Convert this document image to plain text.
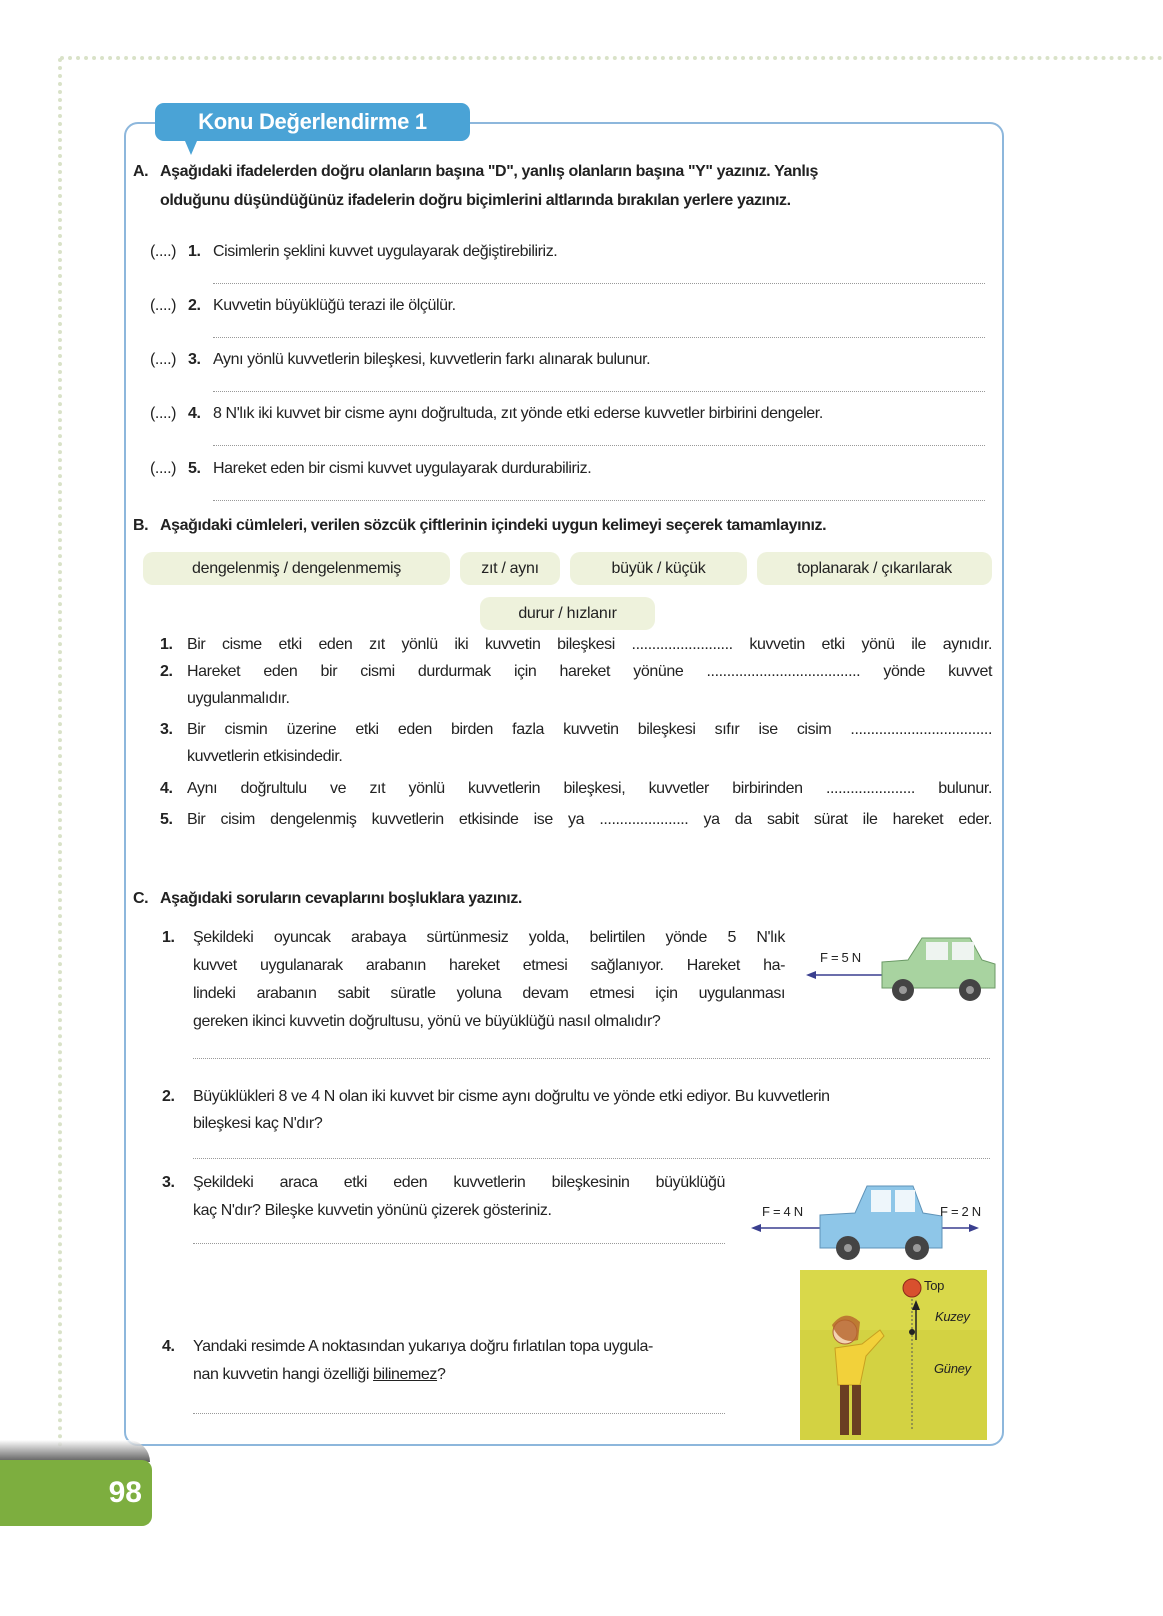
Konu Değerlendirme 1
A. Aşağıdaki ifadelerden doğru olanların başına "D", yanlış olanların başına "Y" yazınız. Yanlış
olduğunu düşündüğünüz ifadelerin doğru biçimlerini altlarında bırakılan yerlere yazınız.
(....) 1. Cisimlerin şeklini kuvvet uygulayarak değiştirebiliriz.
(....) 2. Kuvvetin büyüklüğü terazi ile ölçülür.
(....) 3. Aynı yönlü kuvvetlerin bileşkesi, kuvvetlerin farkı alınarak bulunur.
(....) 4. 8 N'lık iki kuvvet bir cisme aynı doğrultuda, zıt yönde etki ederse kuvvetler birbirini dengeler.
(....) 5. Hareket eden bir cismi kuvvet uygulayarak durdurabiliriz.
B. Aşağıdaki cümleleri, verilen sözcük çiftlerinin içindeki uygun kelimeyi seçerek tamamlayınız.
dengelenmiş / dengelenmemiş	zıt / aynı	büyük / küçük	toplanarak / çıkarılarak
durur / hızlanır
1. Bir cisme etki eden zıt yönlü iki kuvvetin bileşkesi ......................... kuvvetin etki yönü ile aynıdır.
2. Hareket eden bir cismi durdurmak için hareket yönüne ...................................... yönde kuvvet
uygulanmalıdır.
3. Bir cismin üzerine etki eden birden fazla kuvvetin bileşkesi sıfır ise cisim ...................................
kuvvetlerin etkisindedir.
4. Aynı doğrultulu ve zıt yönlü kuvvetlerin bileşkesi, kuvvetler birbirinden ...................... bulunur.
5. Bir cisim dengelenmiş kuvvetlerin etkisinde ise ya ...................... ya da sabit sürat ile hareket eder.
C. Aşağıdaki soruların cevaplarını boşluklara yazınız.
1. Şekildeki oyuncak arabaya sürtünmesiz yolda, belirtilen yönde 5 N'lık
kuvvet uygulanarak arabanın hareket etmesi sağlanıyor. Hareket ha-
lindeki arabanın sabit süratle yoluna devam etmesi için uygulanması
gereken ikinci kuvvetin doğrultusu, yönü ve büyüklüğü nasıl olmalıdır?
F = 5 N
2. Büyüklükleri 8 ve 4 N olan iki kuvvet bir cisme aynı doğrultu ve yönde etki ediyor. Bu kuvvetlerin
bileşkesi kaç N'dır?
3. Şekildeki araca etki eden kuvvetlerin bileşkesinin büyüklüğü
kaç N'dır? Bileşke kuvvetin yönünü çizerek gösteriniz.	F = 4 N	F = 2 N
4. Yandaki resimde A noktasından yukarıya doğru fırlatılan topa uygula-
nan kuvvetin hangi özelliği bilinemez?
Top
Kuzey
Güney
98
